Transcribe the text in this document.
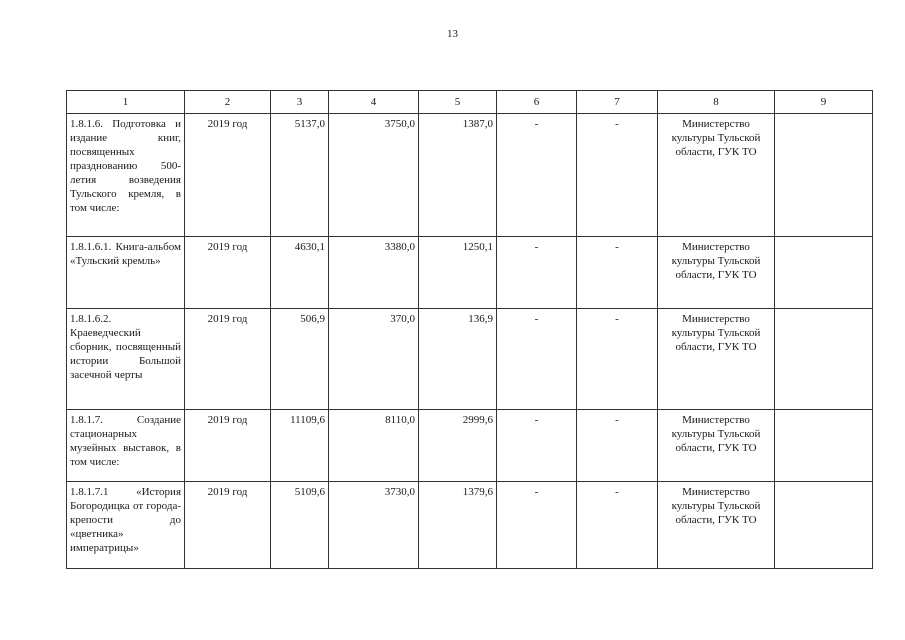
13
1	2	3	4	5	6	7	8	9
1.8.1.6. Подготовка и издание книг, посвященных празднованию 500-летия возведения Тульского кремля, в том числе:	2019 год	5137,0	3750,0	1387,0	-	-	Министерство культуры Тульской области, ГУК ТО	
1.8.1.6.1. Книга-альбом «Тульский кремль»	2019 год	4630,1	3380,0	1250,1	-	-	Министерство культуры Тульской области, ГУК ТО	
1.8.1.6.2. Краеведческий сборник, посвященный истории Большой засечной черты	2019 год	506,9	370,0	136,9	-	-	Министерство культуры Тульской области, ГУК ТО	
1.8.1.7. Создание стационарных музейных выставок, в том числе:	2019 год	11109,6	8110,0	2999,6	-	-	Министерство культуры Тульской области, ГУК ТО	
1.8.1.7.1 «История Богородицка от города-крепости до «цветника» императрицы»	2019 год	5109,6	3730,0	1379,6	-	-	Министерство культуры Тульской области, ГУК ТО	
